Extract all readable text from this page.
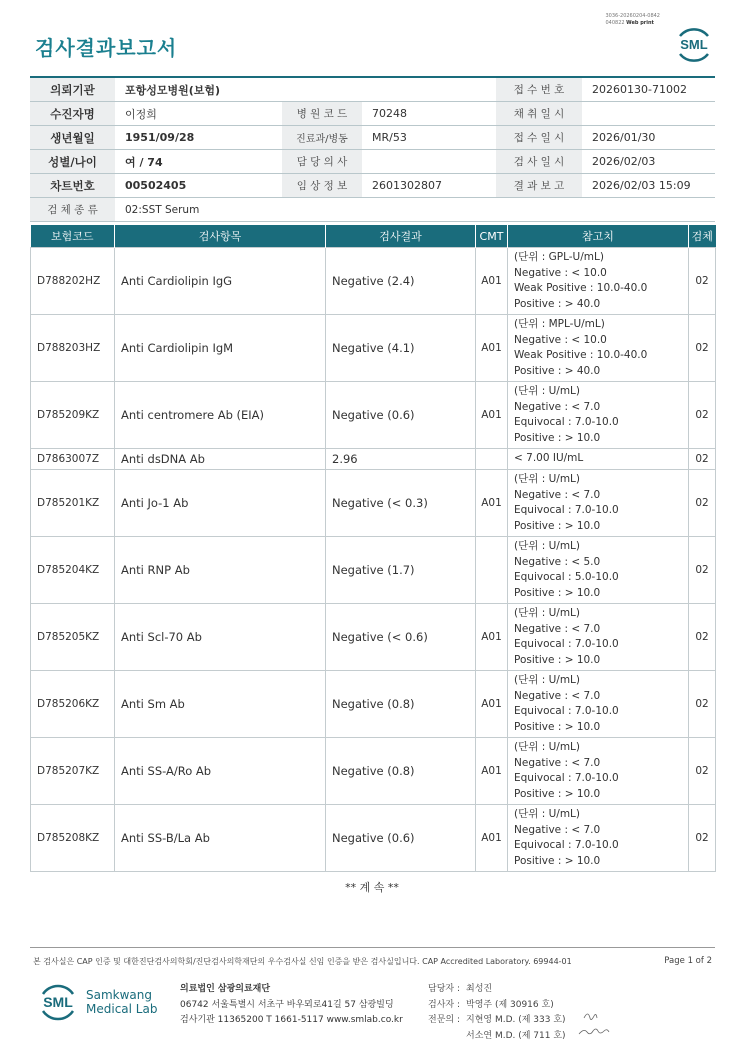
3036-20260204-0842
040822 Web print
검사결과보고서	SML
의뢰기관	포항성모병원(보험)			접 수 번 호	20260130-71002
수진자명	이정희	병 원 코 드	70248	채 취 일 시	
생년월일	1951/09/28	진료과/병동	MR/53	접 수 일 시	2026/01/30
성별/나이	여 / 74	담 당 의 사		검 사 일 시	2026/02/03
차트번호	00502405	임 상 정 보	2601302807	결 과 보 고	2026/02/03 15:09
검 체 종 류	02:SST Serum				
보험코드	검사항목	검사결과	CMT	참고치	검체
D788202HZ	Anti Cardiolipin IgG	Negative (2.4)	A01	(단위 : GPL-U/mL)
Negative : < 10.0
Weak Positive : 10.0-40.0
Positive : > 40.0	02
D788203HZ	Anti Cardiolipin IgM	Negative (4.1)	A01	(단위 : MPL-U/mL)
Negative : < 10.0
Weak Positive : 10.0-40.0
Positive : > 40.0	02
D785209KZ	Anti centromere Ab (EIA)	Negative (0.6)	A01	(단위 : U/mL)
Negative : < 7.0
Equivocal : 7.0-10.0
Positive : > 10.0	02
D7863007Z	Anti dsDNA Ab	2.96		< 7.00 IU/mL	02
D785201KZ	Anti Jo-1 Ab	Negative (< 0.3)	A01	(단위 : U/mL)
Negative : < 7.0
Equivocal : 7.0-10.0
Positive : > 10.0	02
D785204KZ	Anti RNP Ab	Negative (1.7)		(단위 : U/mL)
Negative : < 5.0
Equivocal : 5.0-10.0
Positive : > 10.0	02
D785205KZ	Anti Scl-70 Ab	Negative (< 0.6)	A01	(단위 : U/mL)
Negative : < 7.0
Equivocal : 7.0-10.0
Positive : > 10.0	02
D785206KZ	Anti Sm Ab	Negative (0.8)	A01	(단위 : U/mL)
Negative : < 7.0
Equivocal : 7.0-10.0
Positive : > 10.0	02
D785207KZ	Anti SS-A/Ro Ab	Negative (0.8)	A01	(단위 : U/mL)
Negative : < 7.0
Equivocal : 7.0-10.0
Positive : > 10.0	02
D785208KZ	Anti SS-B/La Ab	Negative (0.6)	A01	(단위 : U/mL)
Negative : < 7.0
Equivocal : 7.0-10.0
Positive : > 10.0	02
** 계 속 **
본 검사실은 CAP 인증 및 대한진단검사의학회/진단검사의학재단의 우수검사실 신임 인증을 받은 검사실입니다. CAP Accredited Laboratory. 69944-01	Page 1 of 2
SML Samkwang
Medical Lab
의료법인 삼광의료재단
06742 서울특별시 서초구 바우뫼로41길 57 삼광빌딩
검사기관 11365200 T 1661-5117 www.smlab.co.kr
담당자 : 최성진
검사자 : 박영주 (제 30916 호)
전문의 : 지현영 M.D. (제 333 호)
서소연 M.D. (제 711 호)
